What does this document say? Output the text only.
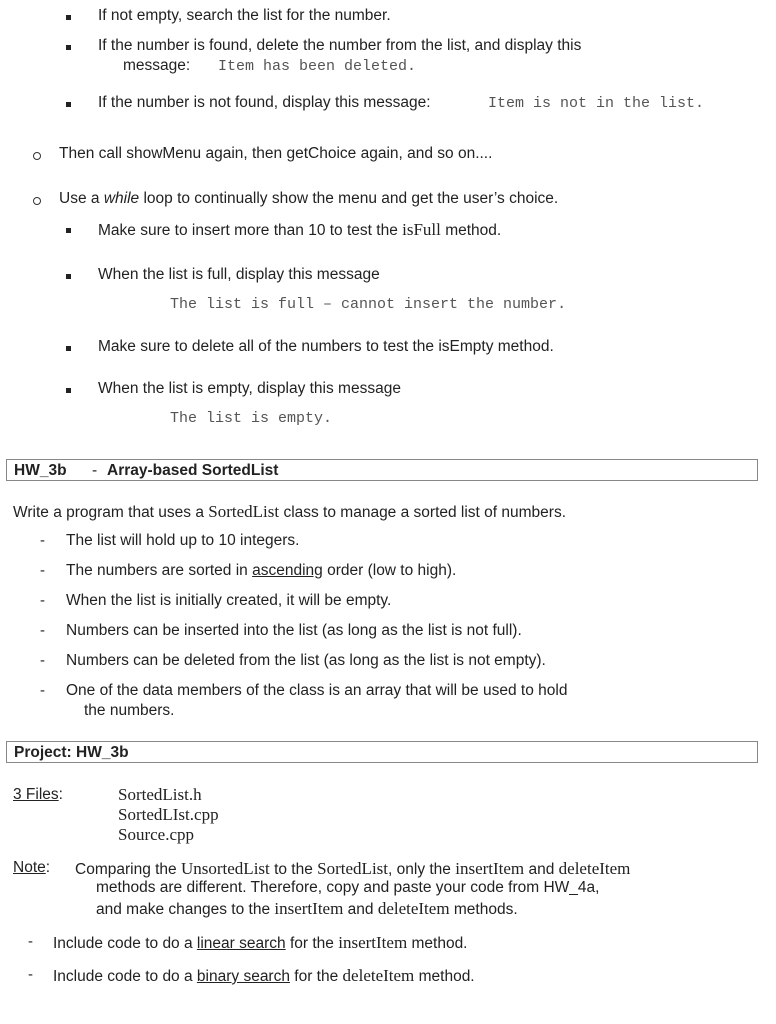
If not empty, search the list for the number.
If the number is found, delete the number from the list, and display this
message: Item has been deleted.
If the number is not found, display this message:	Item is not in the list.
Then call showMenu again, then getChoice again, and so on....
Use a while loop to continually show the menu and get the user’s choice.
Make sure to insert more than 10 to test the isFull method.
When the list is full, display this message
The list is full – cannot insert the number.
Make sure to delete all of the numbers to test the isEmpty method.
When the list is empty, display this message
The list is empty.
HW_3b - Array-based SortedList
Write a program that uses a SortedList class to manage a sorted list of numbers.
- The list will hold up to 10 integers.
- The numbers are sorted in ascending order (low to high).
- When the list is initially created, it will be empty.
- Numbers can be inserted into the list (as long as the list is not full).
- Numbers can be deleted from the list (as long as the list is not empty).
- One of the data members of the class is an array that will be used to hold
the numbers.
Project: HW_3b
3 Files:	SortedList.h
SortedLIst.cpp
Source.cpp
Note: Comparing the UnsortedList to the SortedList, only the insertItem and deleteItem
methods are different. Therefore, copy and paste your code from HW_4a,
and make changes to the insertItem and deleteItem methods.
- Include code to do a linear search for the insertItem method.
- Include code to do a binary search for the deleteItem method.
